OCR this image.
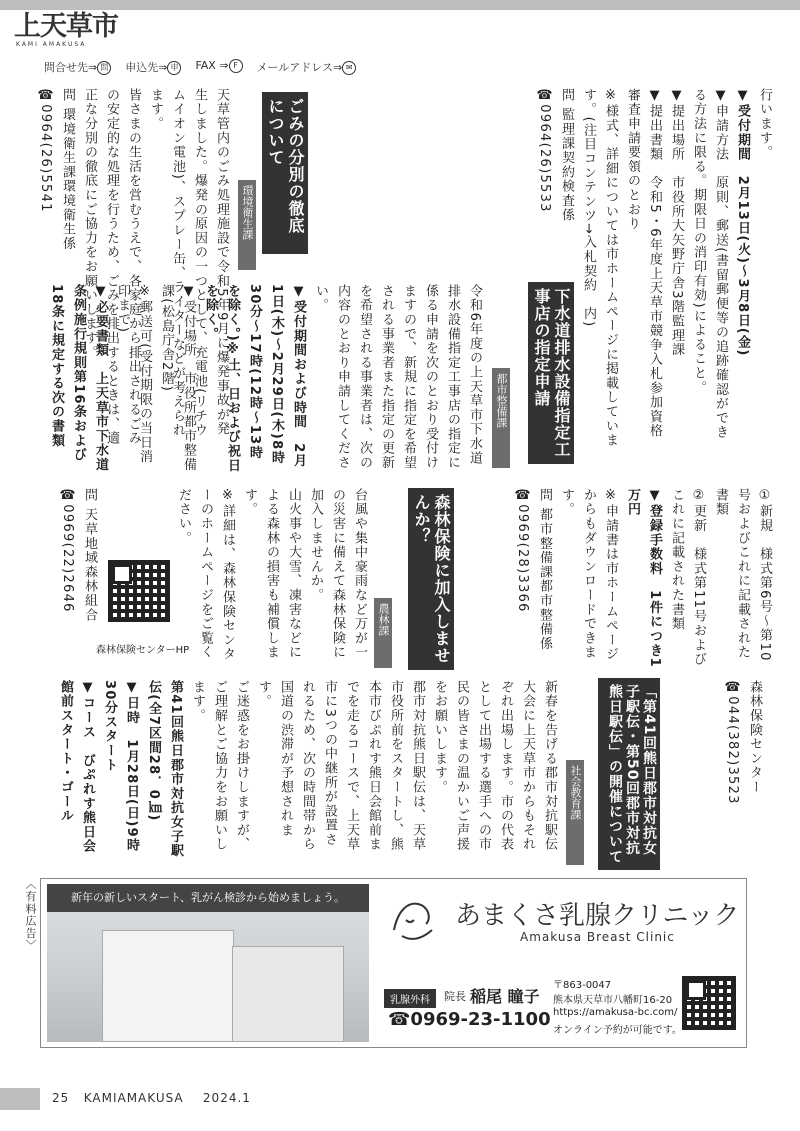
上天草市
KAMI AMAKUSA
問合せ先⇒ 問 申込先⇒ 申 FAX ⇒ F	メールアドレス⇒ ✉

行います。

▼受付期間　2月13日(火)～3月8日(金)

▼申請方法　原則、郵送(書留郵便等の追跡確認ができる方法に限る。期限日の消印有効)によること。

▼提出場所　市役所大矢野庁舎3階監理課

▼提出書類　令和5・6年度上天草市競争入札参加資格審査申請要領のとおり

※様式、詳細については市ホームページに掲載しています。(注目コンテンツ→入札契約　内)

問 監理課契約検査係

☎0964(26)5533

ごみの分別の徹底について
環境衛生課

天草管内のごみ処理施設で令和5年9月に爆発事故が発生しました。爆発の原因の一つとして、充電池(リチウムイオン電池)、スプレー缶、ライターなどが考えられます。

皆さまの生活を営むうえで、各家庭から排出されるごみの安定的な処理を行うため、ごみを排出するときは、適正な分別の徹底にご協力をお願いします。

問 環境衛生課環境衛生係

☎0964(26)5541

下水道排水設備指定工事店の指定申請
都市整備課

令和6年度の上天草市下水道排水設備指定工事店の指定に係る申請を次のとおり受付けますので、新規に指定を希望される事業者また指定の更新を希望される事業者は、次の内容のとおり申請してください。

▼受付期間および時間　2月1日(木)～2月29日(木)8時30分～17時(12時～13時を除く。)※土、日および祝日を除く。

▼受付場所　市役所都市整備課(松島庁舎2階)

※郵送可(受付期限の当日消印まで)

▼必要書類　上天草市下水道条例施行規則第16条および18条に規定する次の書類

①新規　様式第6号～第10号およびこれに記載された書類

②更新　様式第11号およびこれに記載された書類

▼登録手数料　1件につき1万円

※申請書は市ホームページからもダウンロードできます。

問 都市整備課都市整備係

☎0969(28)3366

森林保険に加入しませんか？
農林課

台風や集中豪雨など万が一の災害に備えて森林保険に加入しませんか。

山火事や大雪、凍害などによる森林の損害も補償します。

※詳細は、森林保険センターのホームページをご覧ください。

問 天草地域森林組合

☎0969(22)2646

森林保険センターHP

森林保険センター

☎044(382)3523

「第41回熊日郡市対抗女子駅伝・第50回郡市対抗熊日駅伝」の開催について
社会教育課

新春を告げる郡市対抗駅伝大会に上天草市からもそれぞれ出場します。市の代表として出場する選手への市民の皆さまの温かいご声援をお願いします。

郡市対抗熊日駅伝は、天草市役所前をスタートし、熊本市びぷれす熊日会館前までを走るコースで、上天草市に3つの中継所が設置されるため、次の時間帯から国道の渋滞が予想されます。

ご迷惑をお掛けしますが、ご理解とご協力をお願いします。

第41回熊日郡市対抗女子駅伝(全7区間28．0㎞)

▼日時　1月28日(日)9時30分スタート

▼コース　びぷれす熊日会館前スタート・ゴール

〈有料広告〉	新年の新しいスタート、乳がん検診から始めましょう。
あまくさ乳腺クリニック
Amakusa Breast Clinic
乳腺外科	院長 稲尾 瞳子
☎0969-23-1100
〒863-0047
熊本県天草市八幡町16-20
https://amakusa-bc.com/
オンライン予約が可能です。
25 KAMIAMAKUSA 2024.1
